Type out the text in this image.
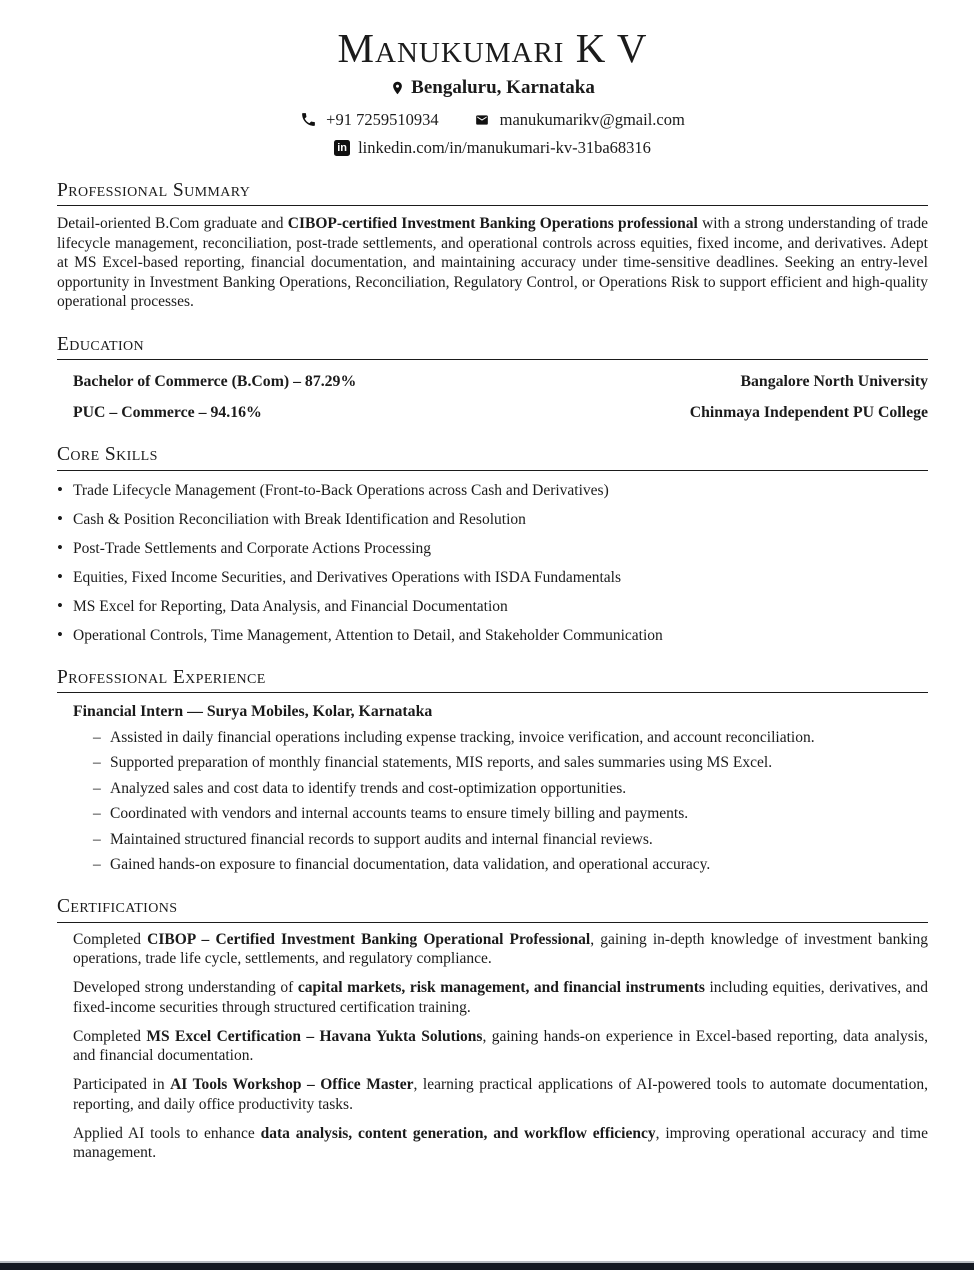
Manukumari K V
Bengaluru, Karnataka
+91 7259510934	manukumarikv@gmail.com
in linkedin.com/in/manukumari-kv-31ba68316
Professional Summary

Detail-oriented B.Com graduate and CIBOP-certified Investment Banking Operations professional with a strong understanding of trade lifecycle management, reconciliation, post-trade settlements, and operational controls across equities, fixed income, and derivatives. Adept at MS Excel-based reporting, financial documentation, and maintaining accuracy under time-sensitive deadlines. Seeking an entry-level opportunity in Investment Banking Operations, Reconciliation, Regulatory Control, or Operations Risk to support efficient and high-quality operational processes.

Education
Bachelor of Commerce (B.Com) – 87.29%	Bangalore North University
PUC – Commerce – 94.16%	Chinmaya Independent PU College
Core Skills
• Trade Lifecycle Management (Front-to-Back Operations across Cash and Derivatives)
• Cash & Position Reconciliation with Break Identification and Resolution
• Post-Trade Settlements and Corporate Actions Processing
• Equities, Fixed Income Securities, and Derivatives Operations with ISDA Fundamentals
• MS Excel for Reporting, Data Analysis, and Financial Documentation
• Operational Controls, Time Management, Attention to Detail, and Stakeholder Communication
Professional Experience
Financial Intern — Surya Mobiles, Kolar, Karnataka
– Assisted in daily financial operations including expense tracking, invoice verification, and account reconciliation.
– Supported preparation of monthly financial statements, MIS reports, and sales summaries using MS Excel.
– Analyzed sales and cost data to identify trends and cost-optimization opportunities.
– Coordinated with vendors and internal accounts teams to ensure timely billing and payments.
– Maintained structured financial records to support audits and internal financial reviews.
– Gained hands-on exposure to financial documentation, data validation, and operational accuracy.
Certifications

Completed CIBOP – Certified Investment Banking Operational Professional, gaining in-depth knowledge of investment banking operations, trade life cycle, settlements, and regulatory compliance.

Developed strong understanding of capital markets, risk management, and financial instruments including equities, derivatives, and fixed-income securities through structured certification training.

Completed MS Excel Certification – Havana Yukta Solutions, gaining hands-on experience in Excel-based reporting, data analysis, and financial documentation.

Participated in AI Tools Workshop – Office Master, learning practical applications of AI-powered tools to automate documentation, reporting, and daily office productivity tasks.

Applied AI tools to enhance data analysis, content generation, and workflow efficiency, improving operational accuracy and time management.
